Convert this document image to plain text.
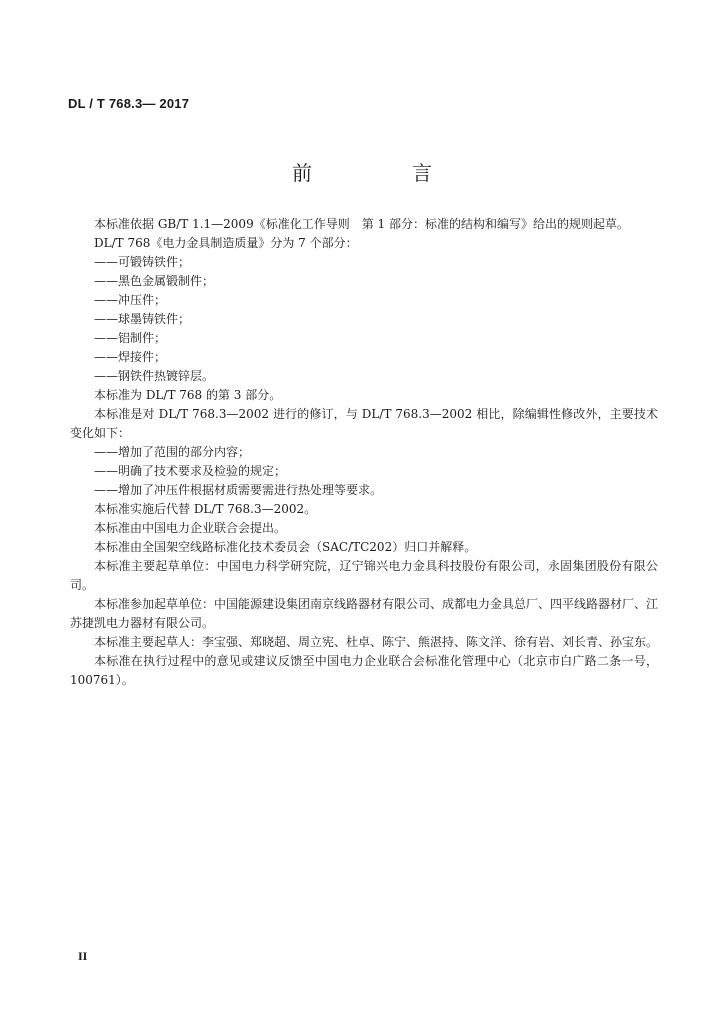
DL / T 768.3— 2017
前　言

本标准依据 GB/T 1.1—2009《标准化工作导则　第 1 部分：标准的结构和编写》给出的规则起草。

DL/T 768《电力金具制造质量》分为 7 个部分：

——可锻铸铁件；

——黑色金属锻制件；

——冲压件；

——球墨铸铁件；

——铝制件；

——焊接件；

——钢铁件热镀锌层。

本标准为 DL/T 768 的第 3 部分。

本标准是对 DL/T 768.3—2002 进行的修订，与 DL/T 768.3—2002 相比，除编辑性修改外，主要技术变化如下：

——增加了范围的部分内容；

——明确了技术要求及检验的规定；

——增加了冲压件根据材质需要需进行热处理等要求。

本标准实施后代替 DL/T 768.3—2002。

本标准由中国电力企业联合会提出。

本标准由全国架空线路标准化技术委员会（SAC/TC202）归口并解释。

本标准主要起草单位：中国电力科学研究院，辽宁锦兴电力金具科技股份有限公司，永固集团股份有限公司。

本标准参加起草单位：中国能源建设集团南京线路器材有限公司、成都电力金具总厂、四平线路器材厂、江苏捷凯电力器材有限公司。

本标准主要起草人：李宝强、郑晓超、周立宪、杜卓、陈宁、熊湛持、陈文洋、徐有岩、刘长青、孙宝东。

本标准在执行过程中的意见或建议反馈至中国电力企业联合会标准化管理中心（北京市白广路二条一号，100761）。

II
